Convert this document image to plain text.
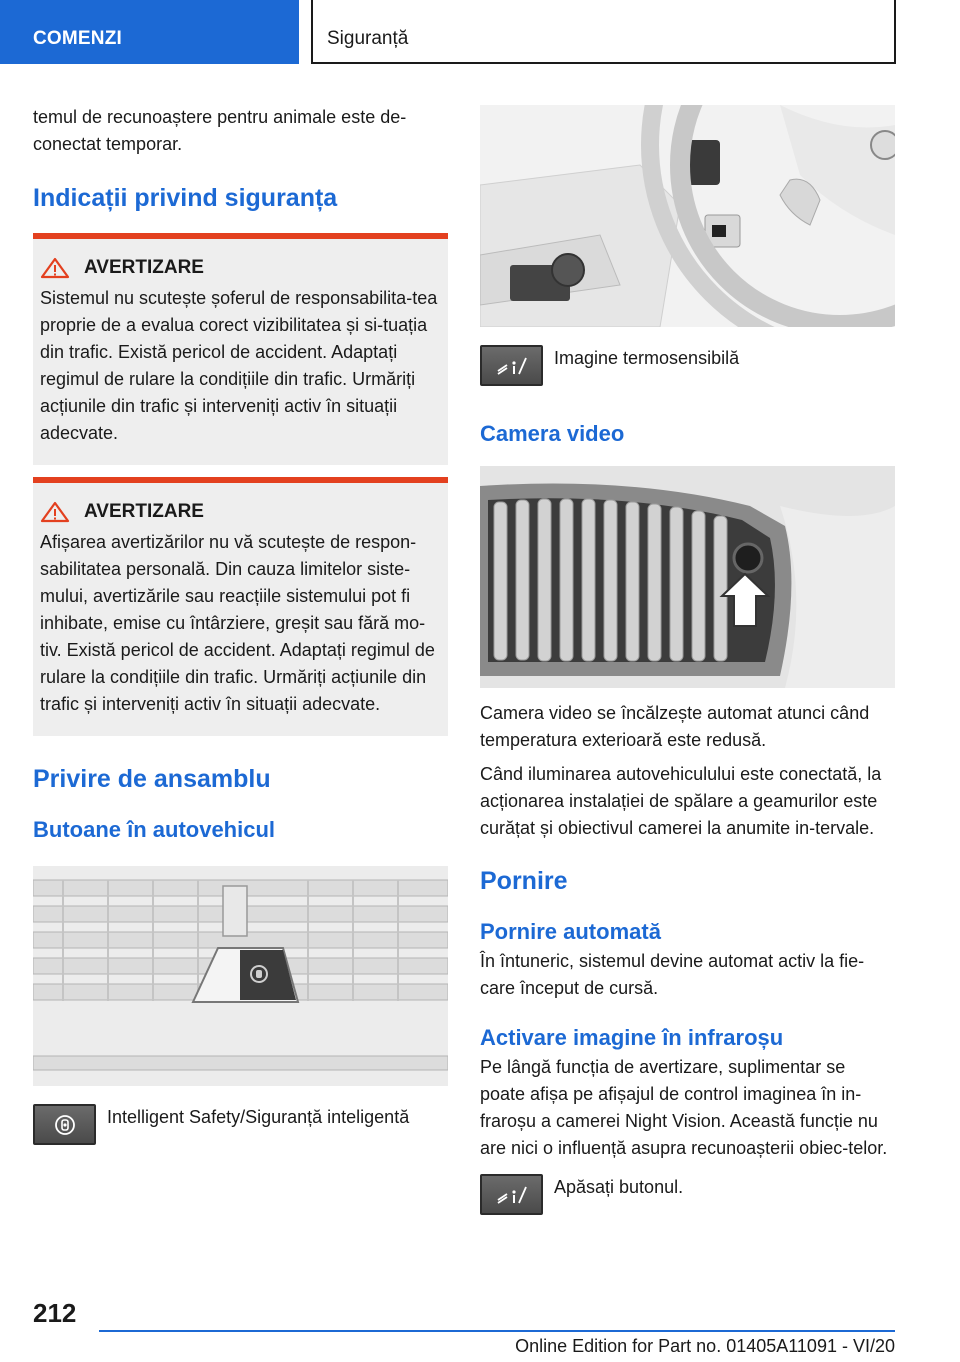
COMENZI	Siguranță

temul de recunoaștere pentru animale este de-conectat temporar.

Indicații privind siguranța
AVERTIZARE

Sistemul nu scutește șoferul de responsabilita-tea proprie de a evalua corect vizibilitatea și si-tuația din trafic. Există pericol de accident. Adaptați regimul de rulare la condițiile din trafic. Urmăriți acțiunile din trafic și interveniți activ în situații adecvate.

AVERTIZARE

Afișarea avertizărilor nu vă scutește de respon-sabilitatea personală. Din cauza limitelor siste-mului, avertizările sau reacțiile sistemului pot fi inhibate, emise cu întârziere, greșit sau fără mo-tiv. Există pericol de accident. Adaptați regimul de rulare la condițiile din trafic. Urmăriți acțiunile din trafic și interveniți activ în situații adecvate.

Privire de ansamblu
Butoane în autovehicul

Intelligent Safety/Siguranță inteligentă

Imagine termosensibilă

Camera video

Camera video se încălzește automat atunci când temperatura exterioară este redusă.

Când iluminarea autovehiculului este conectată, la acționarea instalației de spălare a geamurilor este curățat și obiectivul camerei la anumite in-tervale.

Pornire
Pornire automată

În întuneric, sistemul devine automat activ la fie-care început de cursă.

Activare imagine în infraroșu

Pe lângă funcția de avertizare, suplimentar se poate afișa pe afișajul de control imaginea în in-fraroșu a camerei Night Vision. Această funcție nu are nici o influență asupra recunoașterii obiec-telor.

Apăsați butonul.

212
Online Edition for Part no. 01405A11091 - VI/20
